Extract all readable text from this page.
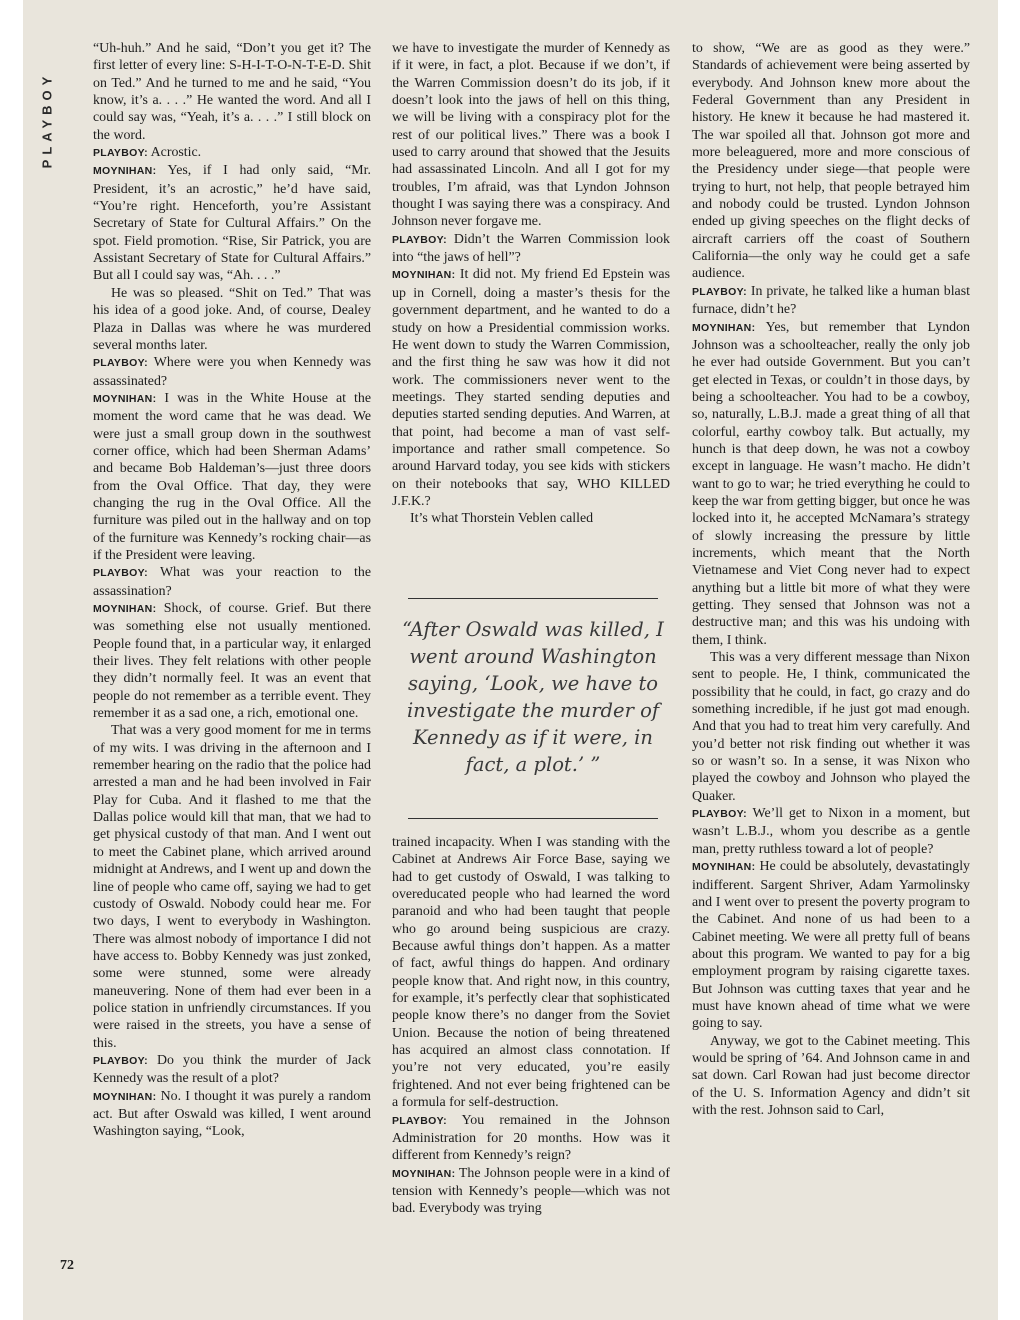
PLAYBOY

“Uh-huh.” And he said, “Don’t you get it? The first letter of every line: S-H-I-T-O-N-T-E-D. Shit on Ted.” And he turned to me and he said, “You know, it’s a. . . .” He wanted the word. And all I could say was, “Yeah, it’s a. . . .” I still block on the word.

PLAYBOY: Acrostic.

MOYNIHAN: Yes, if I had only said, “Mr. President, it’s an acrostic,” he’d have said, “You’re right. Henceforth, you’re Assistant Secretary of State for Cultural Affairs.” On the spot. Field promotion. “Rise, Sir Patrick, you are Assistant Secretary of State for Cultural Affairs.” But all I could say was, “Ah. . . .”

He was so pleased. “Shit on Ted.” That was his idea of a good joke. And, of course, Dealey Plaza in Dallas was where he was murdered several months later.

PLAYBOY: Where were you when Kennedy was assassinated?

MOYNIHAN: I was in the White House at the moment the word came that he was dead. We were just a small group down in the southwest corner office, which had been Sherman Adams’ and became Bob Haldeman’s—just three doors from the Oval Office. That day, they were changing the rug in the Oval Office. All the furniture was piled out in the hallway and on top of the furniture was Kennedy’s rocking chair—as if the President were leaving.

PLAYBOY: What was your reaction to the assassination?

MOYNIHAN: Shock, of course. Grief. But there was something else not usually mentioned. People found that, in a particular way, it enlarged their lives. They felt relations with other people they didn’t normally feel. It was an event that people do not remember as a terrible event. They remember it as a sad one, a rich, emotional one.

That was a very good moment for me in terms of my wits. I was driving in the afternoon and I remember hearing on the radio that the police had arrested a man and he had been involved in Fair Play for Cuba. And it flashed to me that the Dallas police would kill that man, that we had to get physical custody of that man. And I went out to meet the Cabinet plane, which arrived around midnight at Andrews, and I went up and down the line of people who came off, saying we had to get custody of Oswald. Nobody could hear me. For two days, I went to everybody in Washington. There was almost nobody of importance I did not have access to. Bobby Kennedy was just zonked, some were stunned, some were already maneuvering. None of them had ever been in a police station in unfriendly circumstances. If you were raised in the streets, you have a sense of this.

PLAYBOY: Do you think the murder of Jack Kennedy was the result of a plot?

MOYNIHAN: No. I thought it was purely a random act. But after Oswald was killed, I went around Washington saying, “Look,

we have to investigate the murder of Kennedy as if it were, in fact, a plot. Because if we don’t, if the Warren Commission doesn’t do its job, if it doesn’t look into the jaws of hell on this thing, we will be living with a conspiracy plot for the rest of our political lives.” There was a book I used to carry around that showed that the Jesuits had assassinated Lincoln. And all I got for my troubles, I’m afraid, was that Lyndon Johnson thought I was saying there was a conspiracy. And Johnson never forgave me.

PLAYBOY: Didn’t the Warren Commission look into “the jaws of hell”?

MOYNIHAN: It did not. My friend Ed Epstein was up in Cornell, doing a master’s thesis for the government department, and he wanted to do a study on how a Presidential commission works. He went down to study the Warren Commission, and the first thing he saw was how it did not work. The commissioners never went to the meetings. They started sending deputies and deputies started sending deputies. And Warren, at that point, had become a man of vast self-importance and rather small competence. So around Harvard today, you see kids with stickers on their notebooks that say, WHO KILLED J.F.K.?

It’s what Thorstein Veblen called

“After Oswald was killed, I went around Washington saying, ‘Look, we have to investigate the murder of Kennedy as if it were, in fact, a plot.’ ”

trained incapacity. When I was standing with the Cabinet at Andrews Air Force Base, saying we had to get custody of Oswald, I was talking to overeducated people who had learned the word paranoid and who had been taught that people who go around being suspicious are crazy. Because awful things don’t happen. As a matter of fact, awful things do happen. And ordinary people know that. And right now, in this country, for example, it’s perfectly clear that sophisticated people know there’s no danger from the Soviet Union. Because the notion of being threatened has acquired an almost class connotation. If you’re not very educated, you’re easily frightened. And not ever being frightened can be a formula for self-destruction.

PLAYBOY: You remained in the Johnson Administration for 20 months. How was it different from Kennedy’s reign?

MOYNIHAN: The Johnson people were in a kind of tension with Kennedy’s people—which was not bad. Everybody was trying

to show, “We are as good as they were.” Standards of achievement were being asserted by everybody. And Johnson knew more about the Federal Government than any President in history. He knew it because he had mastered it. The war spoiled all that. Johnson got more and more beleaguered, more and more conscious of the Presidency under siege—that people were trying to hurt, not help, that people betrayed him and nobody could be trusted. Lyndon Johnson ended up giving speeches on the flight decks of aircraft carriers off the coast of Southern California—the only way he could get a safe audience.

PLAYBOY: In private, he talked like a human blast furnace, didn’t he?

MOYNIHAN: Yes, but remember that Lyndon Johnson was a schoolteacher, really the only job he ever had outside Government. But you can’t get elected in Texas, or couldn’t in those days, by being a schoolteacher. You had to be a cowboy, so, naturally, L.B.J. made a great thing of all that colorful, earthy cowboy talk. But actually, my hunch is that deep down, he was not a cowboy except in language. He wasn’t macho. He didn’t want to go to war; he tried everything he could to keep the war from getting bigger, but once he was locked into it, he accepted McNamara’s strategy of slowly increasing the pressure by little increments, which meant that the North Vietnamese and Viet Cong never had to expect anything but a little bit more of what they were getting. They sensed that Johnson was not a destructive man; and this was his undoing with them, I think.

This was a very different message than Nixon sent to people. He, I think, communicated the possibility that he could, in fact, go crazy and do something incredible, if he just got mad enough. And that you had to treat him very carefully. And you’d better not risk finding out whether it was so or wasn’t so. In a sense, it was Nixon who played the cowboy and Johnson who played the Quaker.

PLAYBOY: We’ll get to Nixon in a moment, but wasn’t L.B.J., whom you describe as a gentle man, pretty ruthless toward a lot of people?

MOYNIHAN: He could be absolutely, devastatingly indifferent. Sargent Shriver, Adam Yarmolinsky and I went over to present the poverty program to the Cabinet. And none of us had been to a Cabinet meeting. We were all pretty full of beans about this program. We wanted to pay for a big employment program by raising cigarette taxes. But Johnson was cutting taxes that year and he must have known ahead of time what we were going to say.

Anyway, we got to the Cabinet meeting. This would be spring of ’64. And Johnson came in and sat down. Carl Rowan had just become director of the U. S. Information Agency and didn’t sit with the rest. Johnson said to Carl,

72
